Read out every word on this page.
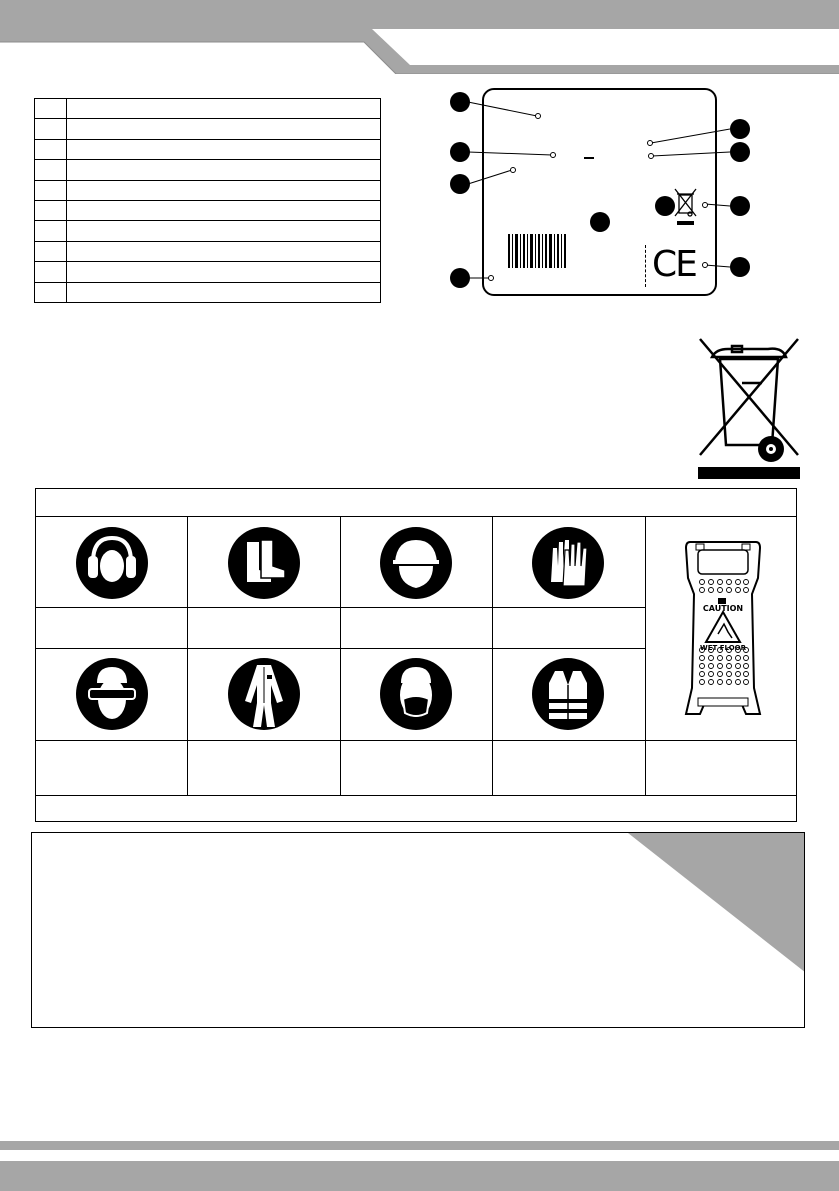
CE
CAUTION
WET FLOOR
